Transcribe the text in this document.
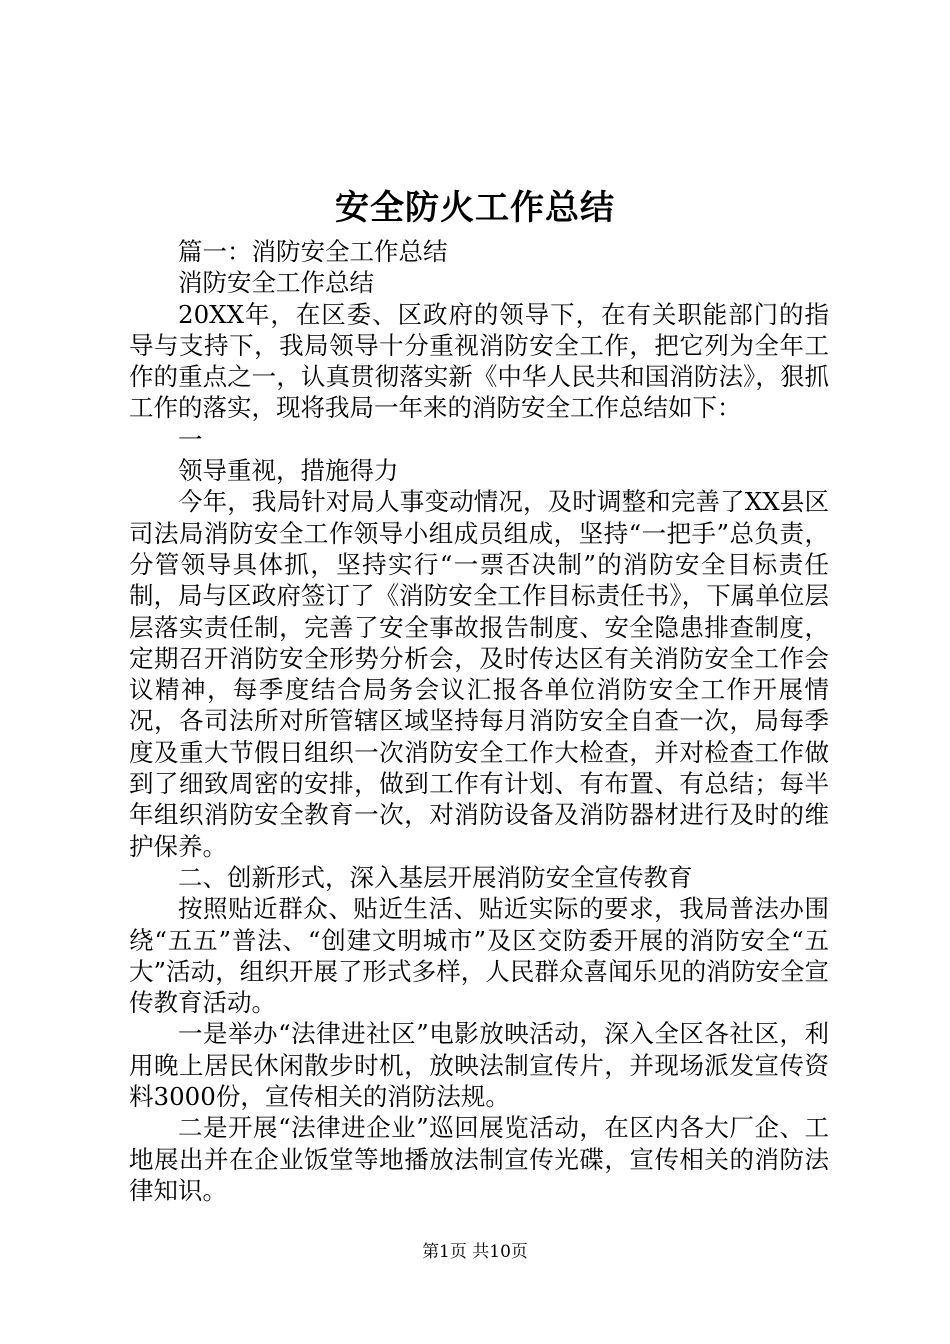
安全防火工作总结

篇一：消防安全工作总结

消防安全工作总结

20XX年，在区委、区政府的领导下，在有关职能部门的指导与支持下，我局领导十分重视消防安全工作，把它列为全年工作的重点之一，认真贯彻落实新《中华人民共和国消防法》，狠抓工作的落实，现将我局一年来的消防安全工作总结如下：

一

领导重视，措施得力

今年，我局针对局人事变动情况，及时调整和完善了XX县区司法局消防安全工作领导小组成员组成，坚持“一把手”总负责，分管领导具体抓，坚持实行“一票否决制”的消防安全目标责任制，局与区政府签订了《消防安全工作目标责任书》，下属单位层层落实责任制，完善了安全事故报告制度、安全隐患排查制度，定期召开消防安全形势分析会，及时传达区有关消防安全工作会议精神，每季度结合局务会议汇报各单位消防安全工作开展情况，各司法所对所管辖区域坚持每月消防安全自查一次，局每季度及重大节假日组织一次消防安全工作大检查，并对检查工作做到了细致周密的安排，做到工作有计划、有布置、有总结；每半年组织消防安全教育一次，对消防设备及消防器材进行及时的维护保养。

二、创新形式，深入基层开展消防安全宣传教育

按照贴近群众、贴近生活、贴近实际的要求，我局普法办围绕“五五”普法、“创建文明城市”及区交防委开展的消防安全“五大”活动，组织开展了形式多样，人民群众喜闻乐见的消防安全宣传教育活动。

一是举办“法律进社区”电影放映活动，深入全区各社区，利用晚上居民休闲散步时机，放映法制宣传片，并现场派发宣传资料3000份，宣传相关的消防法规。

二是开展“法律进企业”巡回展览活动，在区内各大厂企、工地展出并在企业饭堂等地播放法制宣传光碟，宣传相关的消防法律知识。

第1页 共10页
